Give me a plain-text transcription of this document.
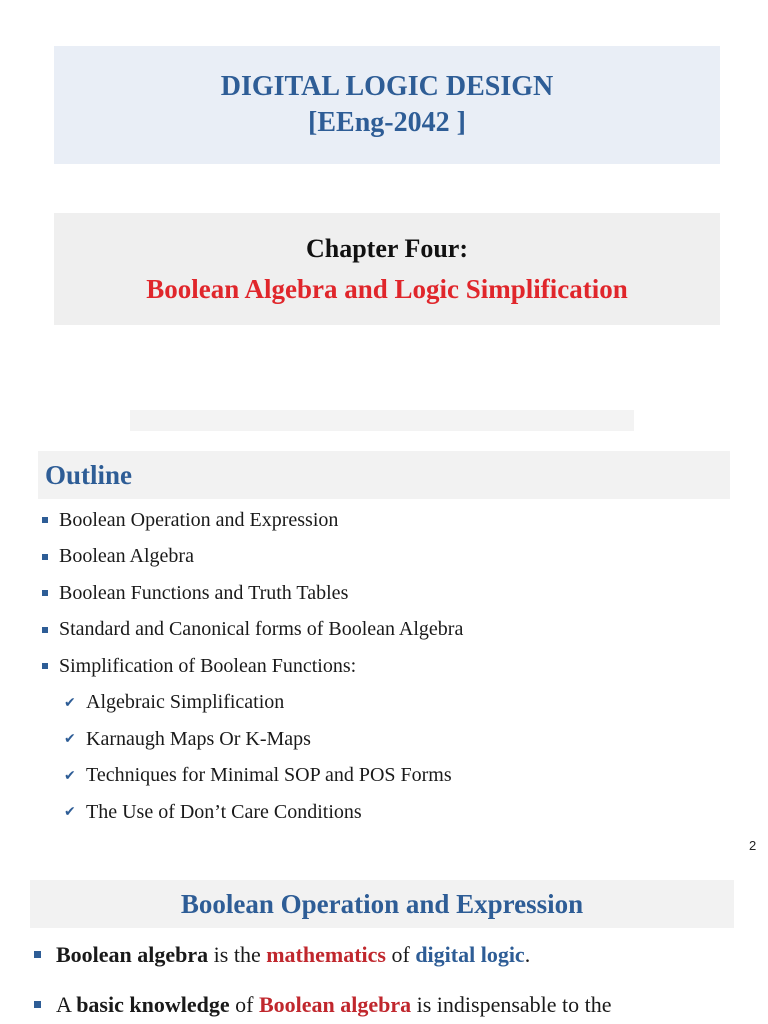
DIGITAL LOGIC DESIGN
[EEng-2042 ]
Chapter Four:
Boolean Algebra and Logic Simplification
Outline
Boolean Operation and Expression
Boolean Algebra
Boolean Functions and Truth Tables
Standard and Canonical forms of Boolean Algebra
Simplification of Boolean Functions:
✔ Algebraic Simplification
✔ Karnaugh Maps Or K-Maps
✔ Techniques for Minimal SOP and POS Forms
✔ The Use of Don’t Care Conditions
2
Boolean Operation and Expression
Boolean algebra is the mathematics of digital logic .
A basic knowledge of Boolean algebra is indispensable to the
